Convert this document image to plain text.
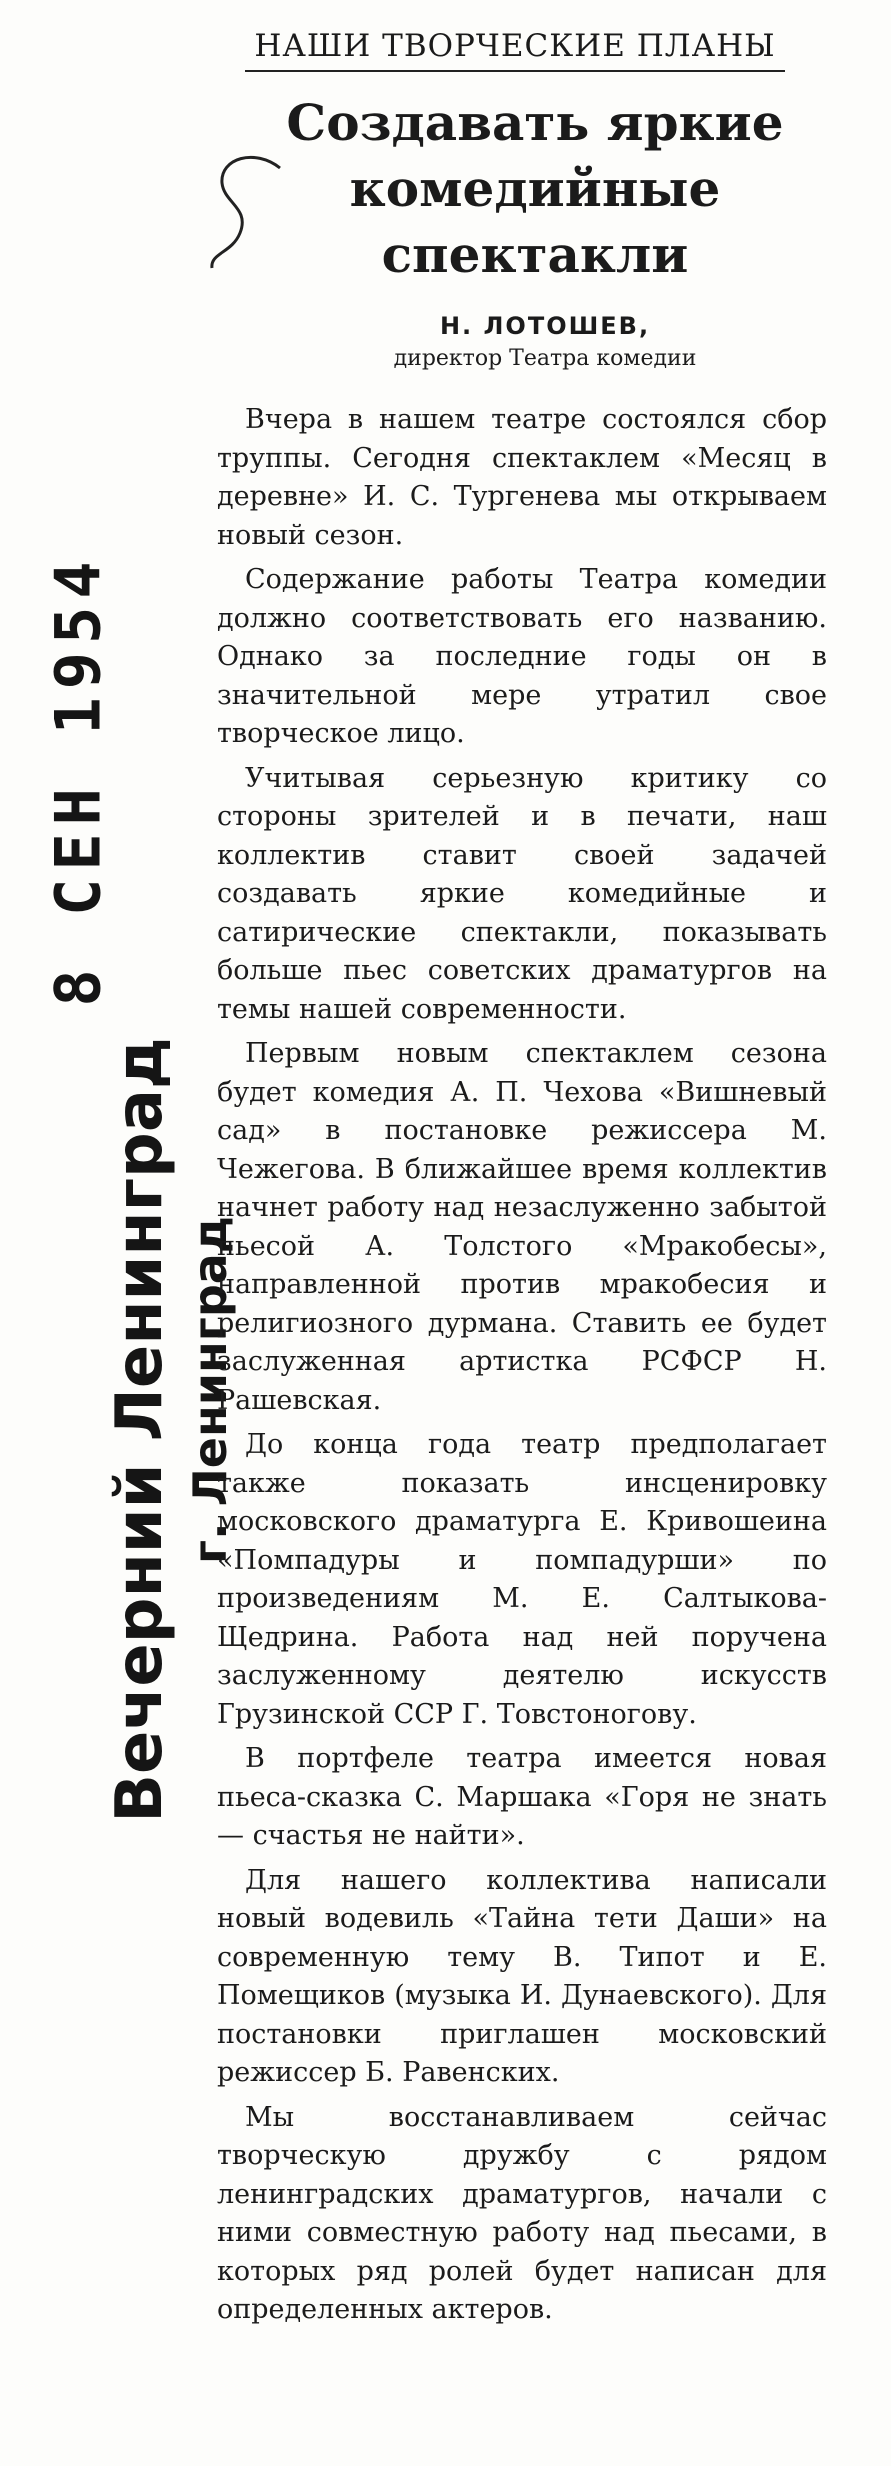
8 СЕН 1954
Вечерний Ленинград г. Ленинград
НАШИ ТВОРЧЕСКИЕ ПЛАНЫ
Создавать яркие
комедийные
спектакли
Н. ЛОТОШЕВ,
директор Театра комедии

Вчера в нашем театре состоялся сбор труппы. Сегодня спектаклем «Месяц в деревне» И. С. Тургенева мы открываем новый сезон.

Содержание работы Театра комедии должно соответствовать его названию. Однако за последние годы он в значительной мере утратил свое творческое лицо.

Учитывая серьезную критику со стороны зрителей и в печати, наш коллектив ставит своей задачей создавать яркие комедийные и сатирические спектакли, показывать больше пьес советских драматургов на темы нашей современности.

Первым новым спектаклем сезона будет комедия А. П. Чехова «Вишневый сад» в постановке режиссера М. Чежегова. В ближайшее время коллектив начнет работу над незаслуженно забытой пьесой А. Толстого «Мракобесы», направленной против мракобесия и религиозного дурмана. Ставить ее будет заслуженная артистка РСФСР Н. Рашевская.

До конца года театр предполагает также показать инсценировку московского драматурга Е. Кривошеина «Помпадуры и помпадурши» по произведениям М. Е. Салтыкова-Щедрина. Работа над ней поручена заслуженному деятелю искусств Грузинской ССР Г. Товстоногову.

В портфеле театра имеется новая пьеса-сказка С. Маршака «Горя не знать — счастья не найти».

Для нашего коллектива написали новый водевиль «Тайна тети Даши» на современную тему В. Типот и Е. Помещиков (музыка И. Дунаевского). Для постановки приглашен московский режиссер Б. Равенских.

Мы восстанавливаем сейчас творческую дружбу с рядом ленинградских драматургов, начали с ними совместную работу над пьесами, в которых ряд ролей будет написан для определенных актеров.
